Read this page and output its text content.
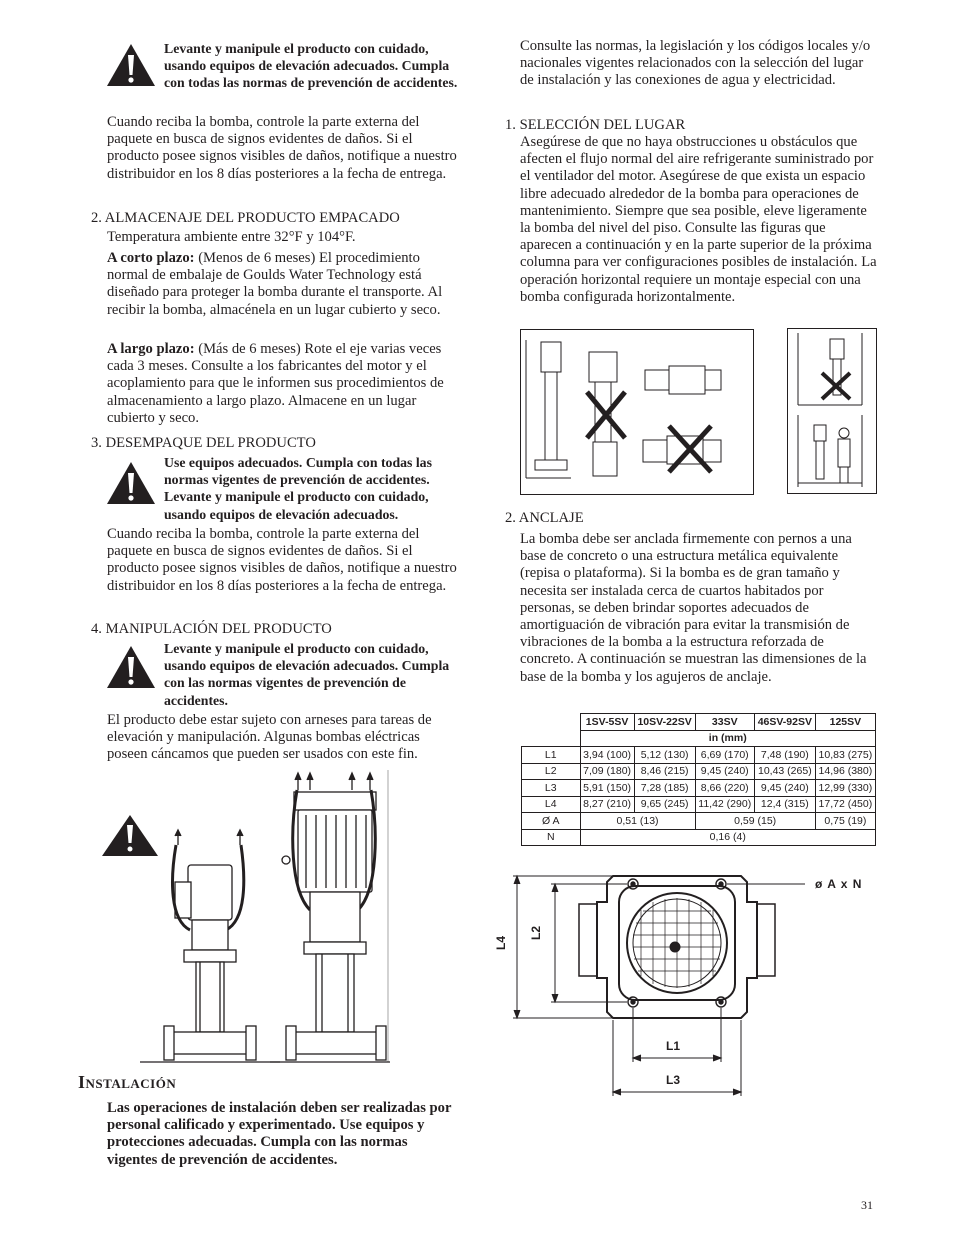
Levante y manipule el producto con cuidado, usando equipos de elevación adecuados. Cumpla con todas las normas de prevención de accidentes.

Cuando reciba la bomba, controle la parte externa del paquete en busca de signos evidentes de daños. Si el producto posee signos visibles de daños, notifique a nuestro distribuidor en los 8 días posteriores a la fecha de entrega.

2. ALMACENAJE DEL PRODUCTO EMPACADO

Temperatura ambiente entre 32°F y 104°F.

A corto plazo: (Menos de 6 meses) El procedimiento normal de embalaje de Goulds Water Technology está diseñado para proteger la bomba durante el transporte. Al recibir la bomba, almacénela en un lugar cubierto y seco.

A largo plazo: (Más de 6 meses) Rote el eje varias veces cada 3 meses. Consulte a los fabricantes del motor y el acoplamiento para que le informen sus procedimientos de almacenamiento a largo plazo. Almacene en un lugar cubierto y seco.

3. DESEMPAQUE DEL PRODUCTO
Use equipos adecuados. Cumpla con todas las normas vigentes de prevención de accidentes. Levante y manipule el producto con cuidado, usando equipos de elevación adecuados.

Cuando reciba la bomba, controle la parte externa del paquete en busca de signos evidentes de daños. Si el producto posee signos visibles de daños, notifique a nuestro distribuidor en los 8 días posteriores a la fecha de entrega.

4. MANIPULACIÓN DEL PRODUCTO
Levante y manipule el producto con cuidado, usando equipos de elevación adecuados. Cumpla con las normas vigentes de prevención de accidentes.

El producto debe estar sujeto con arneses para tareas de elevación y manipulación. Algunas bombas eléctricas poseen cáncamos que pueden ser usados con este fin.

Instalación

Las operaciones de instalación deben ser realizadas por personal calificado y experimentado. Use equipos y protecciones adecuadas. Cumpla con las normas vigentes de prevención de accidentes.

Consulte las normas, la legislación y los códigos locales y/o nacionales vigentes relacionados con la selección del lugar de instalación y las conexiones de agua y electricidad.

1. SELECCIÓN DEL LUGAR

Asegúrese de que no haya obstrucciones u obstáculos que afecten el flujo normal del aire refrigerante suministrado por el ventilador del motor. Asegúrese de que exista un espacio libre adecuado alrededor de la bomba para operaciones de mantenimiento. Siempre que sea posible, eleve ligeramente la bomba del nivel del piso. Consulte las figuras que aparecen a continuación y en la parte superior de la próxima columna para ver configuraciones posibles de instalación. La operación horizontal requiere un montaje especial con una bomba configurada horizontalmente.

2. ANCLAJE

La bomba debe ser anclada firmemente con pernos a una base de concreto o una estructura metálica equivalente (repisa o plataforma). Si la bomba es de gran tamaño y necesita ser instalada cerca de cuartos habitados por personas, se deben brindar soportes adecuados de amortiguación de vibración para evitar la transmisión de vibraciones de la bomba a la estructura reforzada de concreto. A continuación se muestran las dimensiones de la base de la bomba y los agujeros de anclaje.

	1SV-5SV	10SV-22SV	33SV	46SV-92SV	125SV
	in (mm)				
L1	3,94 (100)	5,12 (130)	6,69 (170)	7,48 (190)	10,83 (275)
L2	7,09 (180)	8,46 (215)	9,45 (240)	10,43 (265)	14,96 (380)
L3	5,91 (150)	7,28 (185)	8,66 (220)	9,45 (240)	12,99 (330)
L4	8,27 (210)	9,65 (245)	11,42 (290)	12,4 (315)	17,72 (450)
Ø A	0,51 (13)		0,59 (15)		0,75 (19)
N	0,16 (4)				
ø A x N
L1
L3
L2
L4
31
